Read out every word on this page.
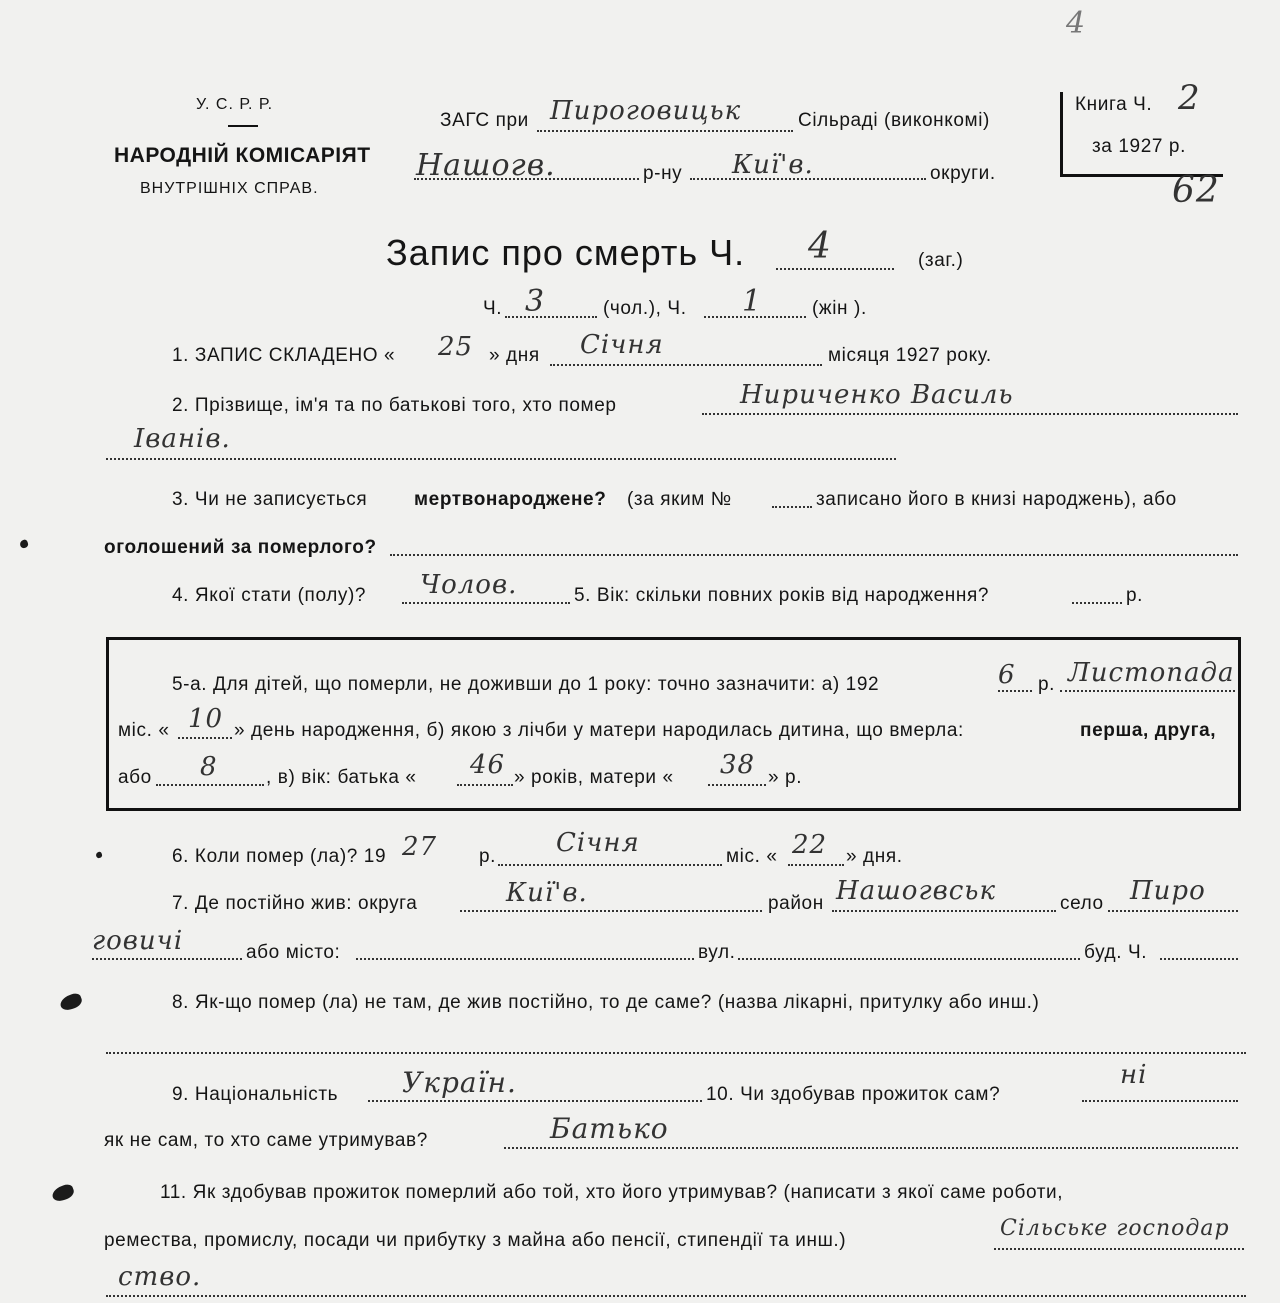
4
У. С. Р. Р.
НАРОДНІЙ КОМІСАРІЯТ
ВНУТРІШНІХ СПРАВ.
ЗАГС при Пироговицьк	Сільраді (виконкомі)
Нашогв.	р-ну Киї'в.	округи.
Книга Ч. 2
за 1927 р.
62
Запис про смерть Ч. 4	(заг.)
Ч. 3	(чол.), Ч. 1	(жін ).
1. ЗАПИС СКЛАДЕНО « 25 » дня Січня	місяця 1927 року.
2. Прізвище, ім'я та по батькові того, хто помер	Нириченко Василь
Іванів.
3. Чи не записується мертвонароджене? (за яким №	записано його в книзі народжень), або
оголошений за померлого?
4. Якої стати (полу)? Чолов.	5. Вік: скільки повних років від народження?	р.
5-а. Для дітей, що померли, не доживши до 1 року: точно зазначити: а) 192	6 р. Листопада
міс. « 10 » день народження, б) якою з лічби у матери народилась дитина, що вмерла:	перша, друга,
або 8	, в) вік: батька « 46 » років, матери « 38 » р.
6. Коли помер (ла)? 19 27 р. Січня	міс. « 22 » дня.
7. Де постійно жив: округа	Киї'в.	район Нашогвськ	село Пиро
говичі	або місто:	вул.	буд. Ч.
8. Як-що помер (ла) не там, де жив постійно, то де саме? (назва лікарні, притулку або инш.)
9. Національність Україн.	10. Чи здобував прожиток сам?
ні
як не сам, то хто саме утримував?	Батько
11. Як здобував прожиток померлий або той, хто його утримував? (написати з якої саме роботи,
ремества, промислу, посади чи прибутку з майна або пенсії, стипендії та инш.)	Сільське господар
ство.
